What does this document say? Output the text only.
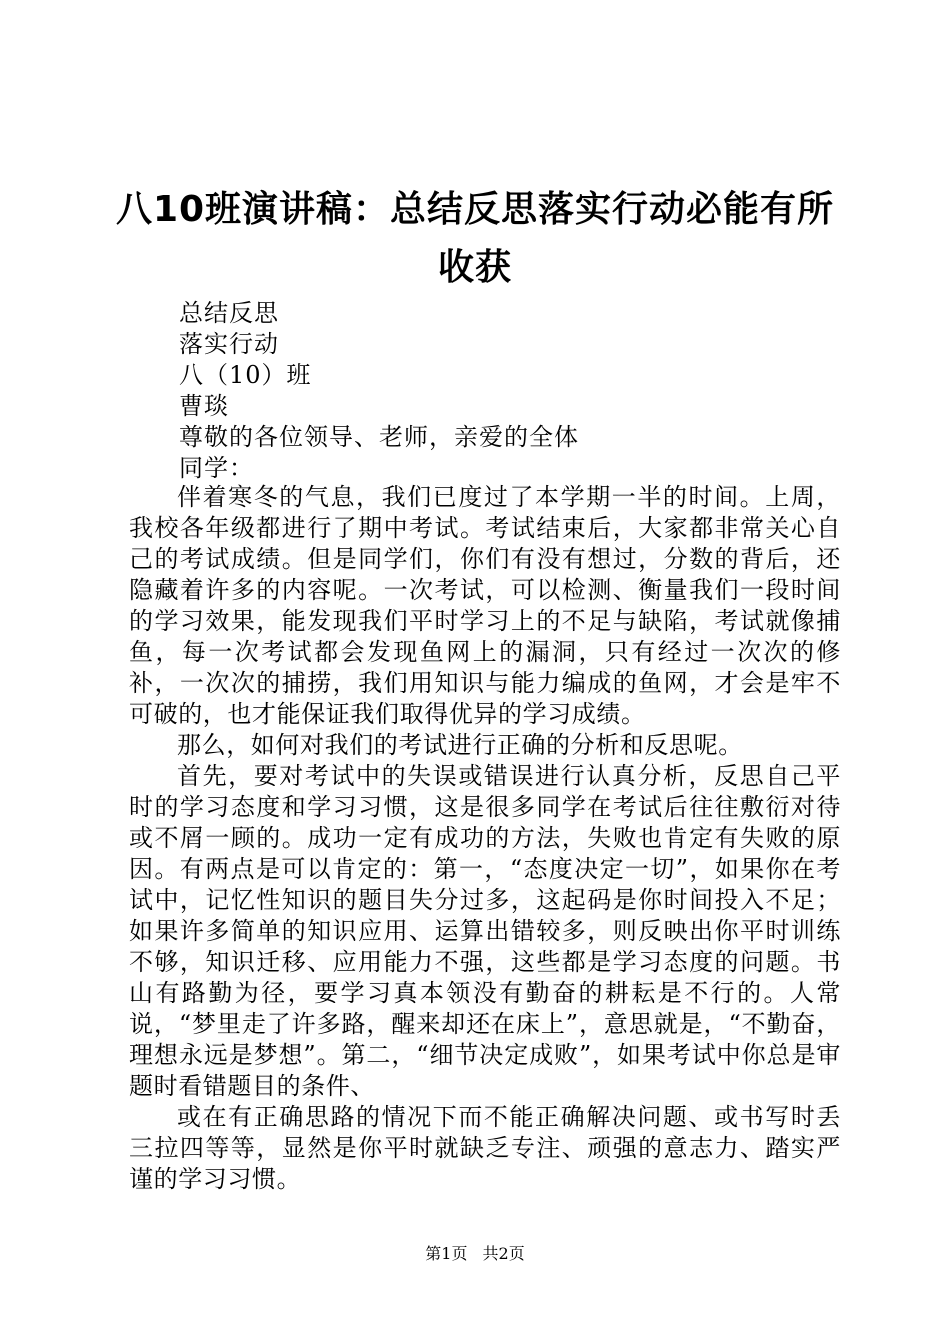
八10班演讲稿：总结反思落实行动必能有所
收获
总结反思
落实行动
八（10）班
曹琰
尊敬的各位领导、老师，亲爱的全体
同学：

伴着寒冬的气息，我们已度过了本学期一半的时间。上周，我校各年级都进行了期中考试。考试结束后，大家都非常关心自己的考试成绩。但是同学们，你们有没有想过，分数的背后，还隐藏着许多的内容呢。一次考试，可以检测、衡量我们一段时间的学习效果，能发现我们平时学习上的不足与缺陷，考试就像捕鱼，每一次考试都会发现鱼网上的漏洞，只有经过一次次的修补，一次次的捕捞，我们用知识与能力编成的鱼网，才会是牢不可破的，也才能保证我们取得优异的学习成绩。

那么，如何对我们的考试进行正确的分析和反思呢。

首先，要对考试中的失误或错误进行认真分析，反思自己平时的学习态度和学习习惯，这是很多同学在考试后往往敷衍对待或不屑一顾的。成功一定有成功的方法，失败也肯定有失败的原因。有两点是可以肯定的：第一，“态度决定一切”，如果你在考试中，记忆性知识的题目失分过多，这起码是你时间投入不足；如果许多简单的知识应用、运算出错较多，则反映出你平时训练不够，知识迁移、应用能力不强，这些都是学习态度的问题。书山有路勤为径，要学习真本领没有勤奋的耕耘是不行的。人常说，“梦里走了许多路，醒来却还在床上”，意思就是，“不勤奋，理想永远是梦想”。第二，“细节决定成败”，如果考试中你总是审题时看错题目的条件、

或在有正确思路的情况下而不能正确解决问题、或书写时丢三拉四等等，显然是你平时就缺乏专注、顽强的意志力、踏实严谨的学习习惯。

第1页 共2页
